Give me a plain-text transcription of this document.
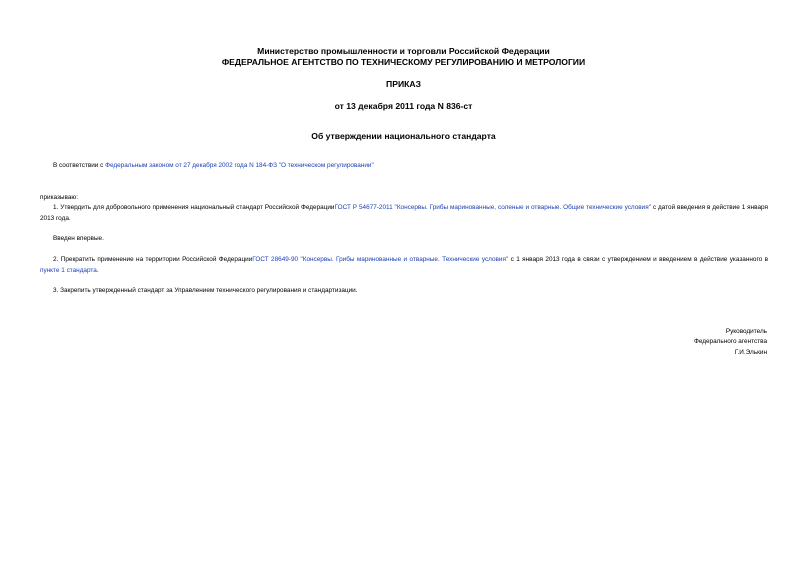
Министерство промышленности и торговли Российской Федерации
ФЕДЕРАЛЬНОЕ АГЕНТСТВО ПО ТЕХНИЧЕСКОМУ РЕГУЛИРОВАНИЮ И МЕТРОЛОГИИ
ПРИКАЗ
от 13 декабря 2011 года N 836-ст
Об утверждении национального стандарта
В соответствии с Федеральным законом от 27 декабря 2002 года N 184-ФЗ "О техническом регулировании"
приказываю:
1. Утвердить для добровольного применения национальный стандарт Российской ФедерацииГОСТ Р 54677-2011 "Консервы. Грибы маринованные, соленые и отварные. Общие технические условия" с датой введения в действие 1 января 2013 года.
Введен впервые.
2. Прекратить применение на территории Российской ФедерацииГОСТ 28649-90 "Консервы. Грибы маринованные и отварные. Технические условия" с 1 января 2013 года в связи с утверждением и введением в действие указанного в пункте 1 стандарта.
3. Закрепить утвержденный стандарт за Управлением технического регулирования и стандартизации.
Руководитель
Федерального агентства
Г.И.Элькин
